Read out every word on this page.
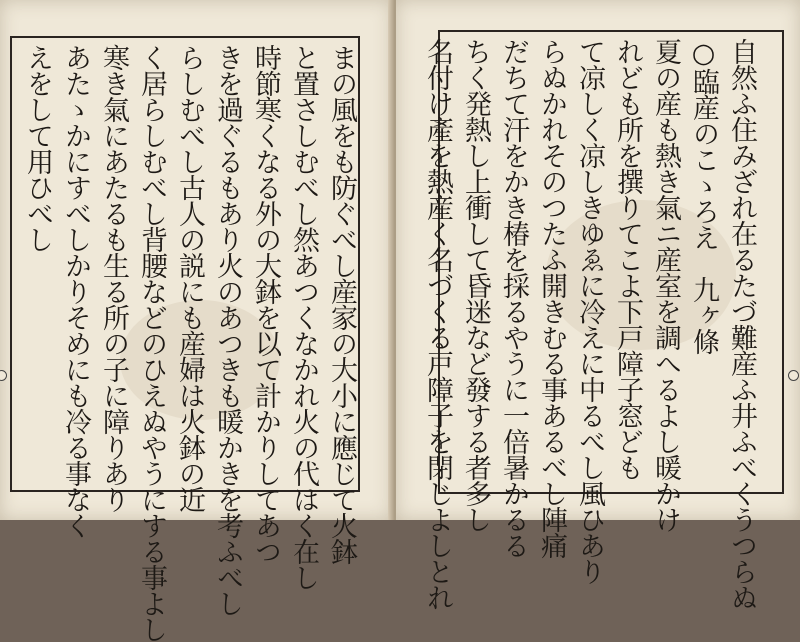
まの風をも防ぐべし産家の大小に應じて火鉢
と置さしむべし然あつくなかれ火の代はく在し
時節寒くなる外の大鉢を以て計かりしてあつ
きを過ぐるもあり火のあつきも暖かきを考ふべし
らしむべし古人の説にも産婦は火鉢の近
く居らしむべし背腰などのひえぬやうにする事よし
寒き氣にあたるも生る所の子に障りあり
あたゝかにすべしかりそめにも冷る事なく
えをして用ひべし	自然ふ住みざれ在るたづ難産ふ井ふべくうつらぬ
○臨産のこゝろえ　九ヶ條
夏の産も熱き氣ニ産室を調へるよし暖かけ
れども所を撰りてこよ下戸障子窓ども
て凉しく凉しきゆゑに冷えに中るべし風ひあり
らぬかれそのつたふ開きむる事あるべし陣痛
だちて汗をかき椿を採るやうに一倍暑かるる
ちく発熱し上衝して昏迷など發する者多し
名付け產を熱産く名づくる戸障子を閉じよしとれ
